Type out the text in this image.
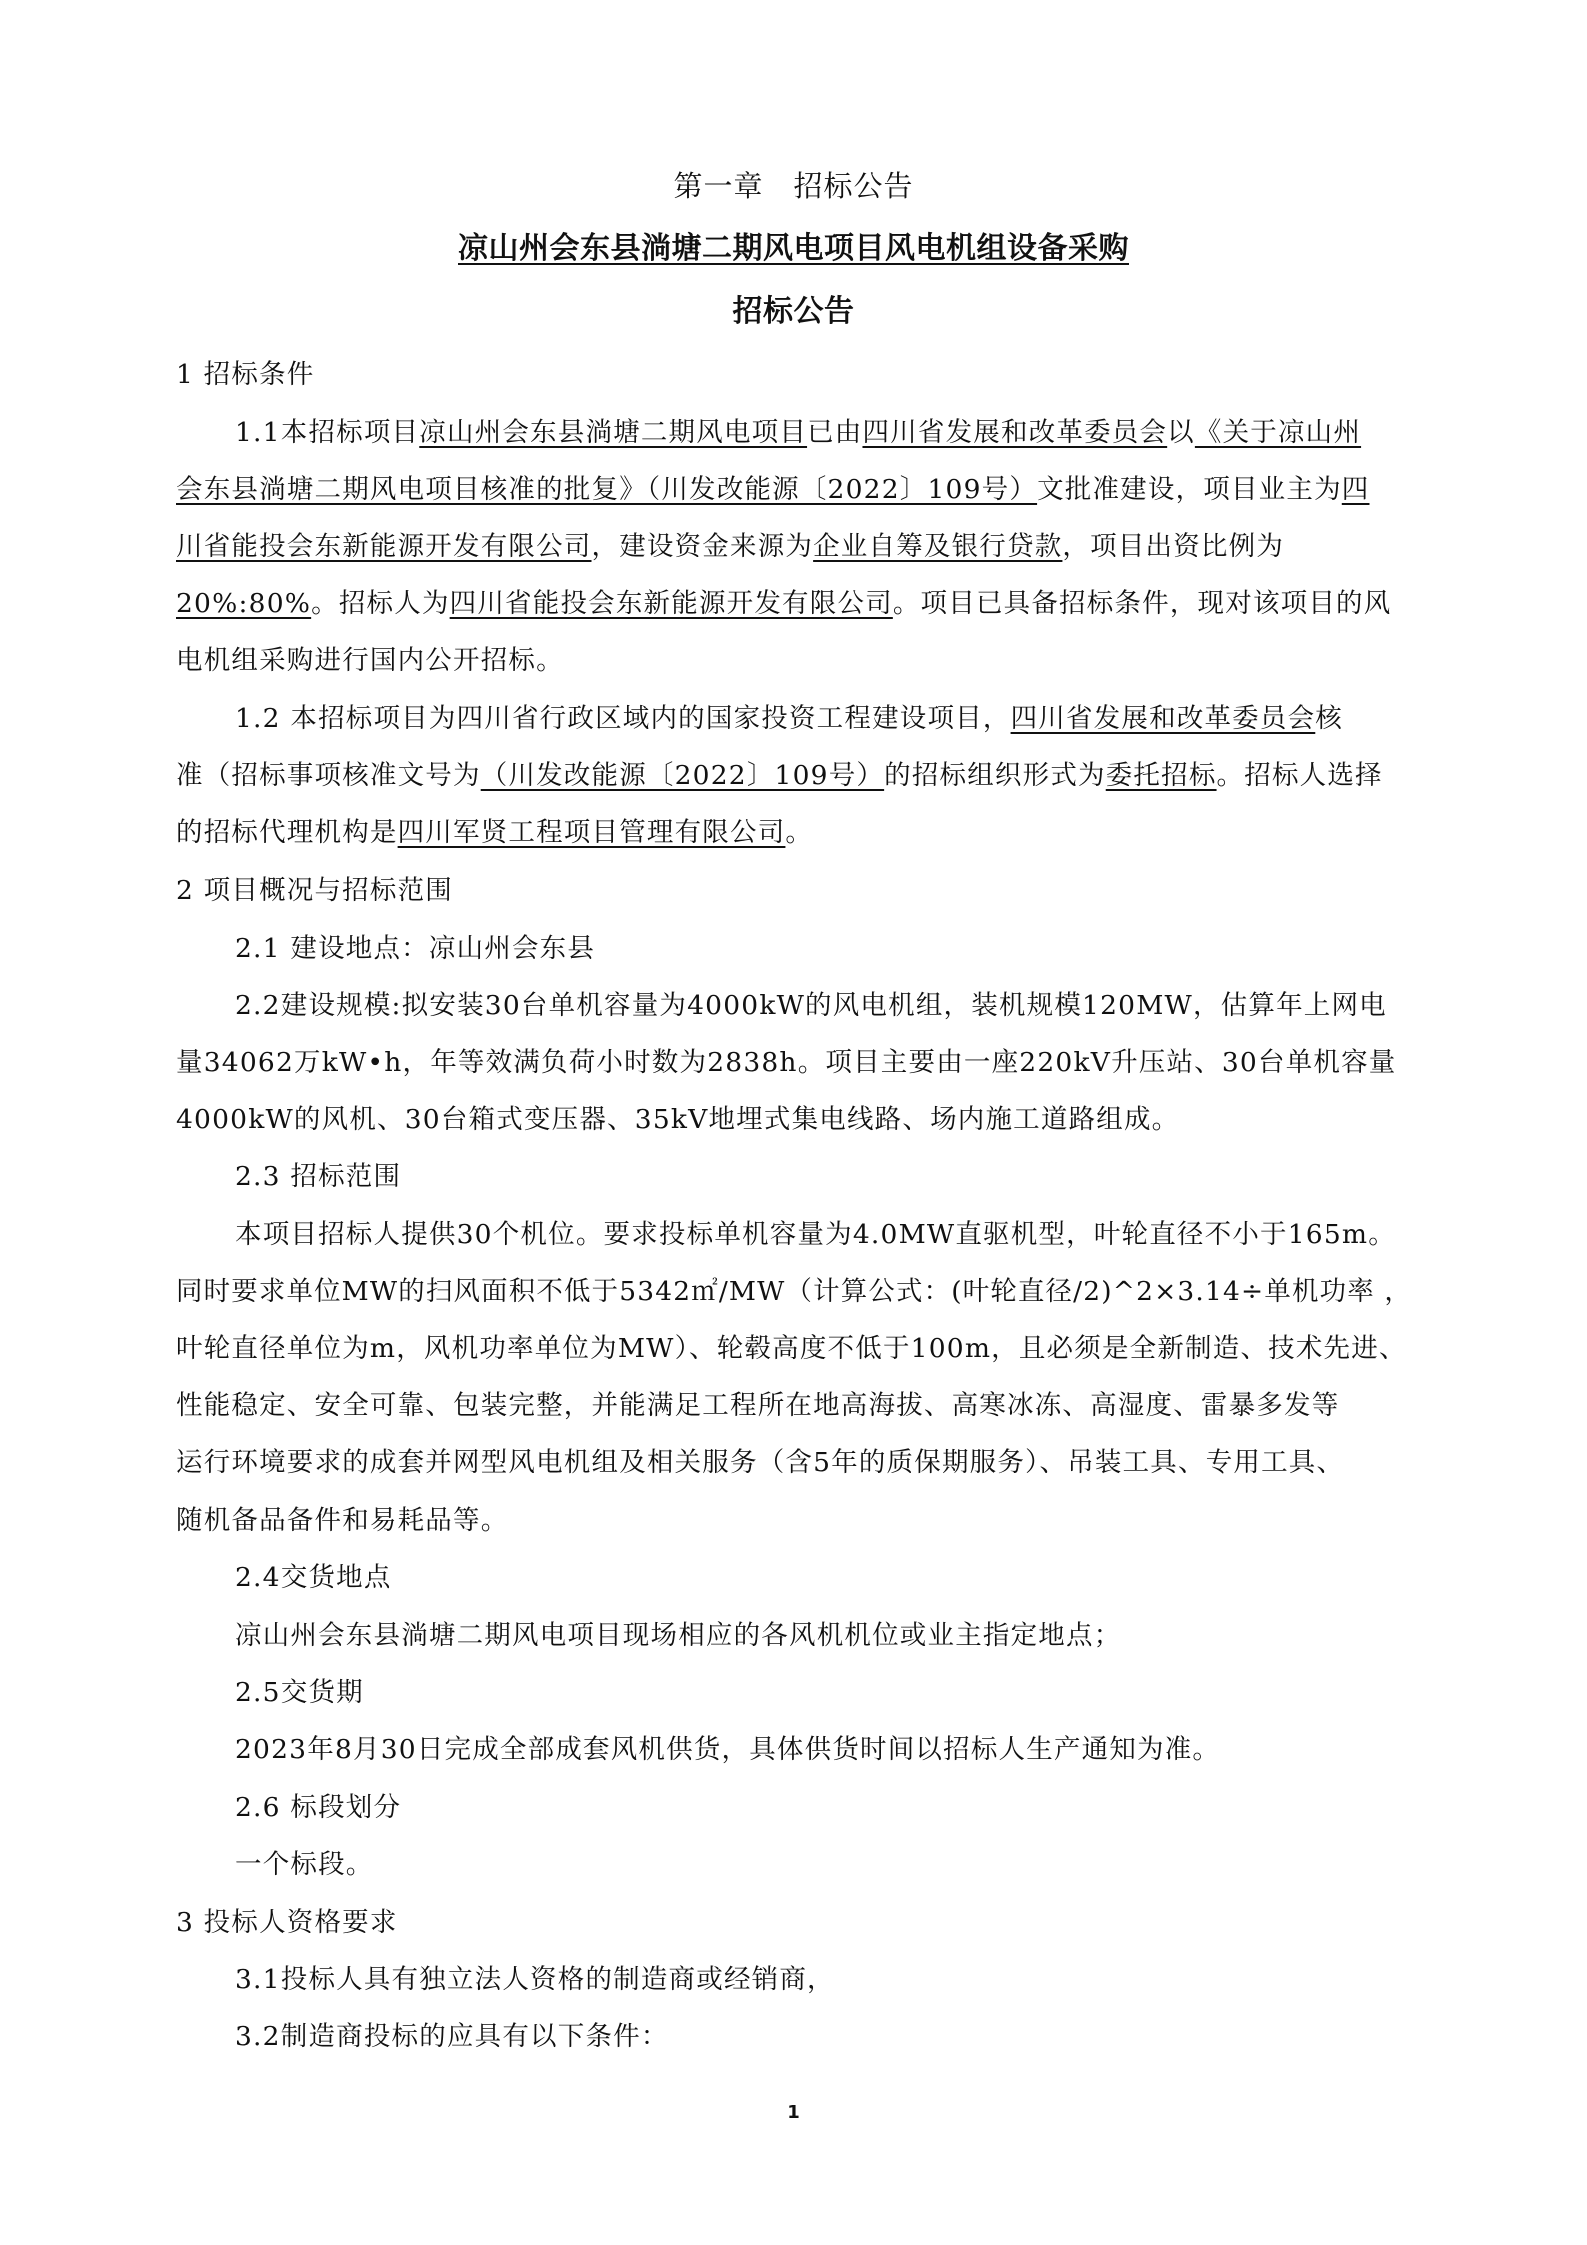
第一章　招标公告
凉山州会东县淌塘二期风电项目风电机组设备采购
招标公告
1 招标条件
1.1本招标项目凉山州会东县淌塘二期风电项目已由四川省发展和改革委员会以《关于凉山州
会东县淌塘二期风电项目核准的批复》（川发改能源〔2022〕109号）文批准建设，项目业主为四
川省能投会东新能源开发有限公司，建设资金来源为企业自筹及银行贷款，项目出资比例为
20%:80%。招标人为四川省能投会东新能源开发有限公司。项目已具备招标条件，现对该项目的风
电机组采购进行国内公开招标。
1.2 本招标项目为四川省行政区域内的国家投资工程建设项目，四川省发展和改革委员会核
准（招标事项核准文号为（川发改能源〔2022〕109号）的招标组织形式为委托招标。招标人选择
的招标代理机构是四川军贤工程项目管理有限公司。
2 项目概况与招标范围
2.1 建设地点：凉山州会东县
2.2建设规模:拟安装30台单机容量为4000kW的风电机组，装机规模120MW，估算年上网电
量34062万kW•h，年等效满负荷小时数为2838h。项目主要由一座220kV升压站、30台单机容量
4000kW的风机、30台箱式变压器、35kV地埋式集电线路、场内施工道路组成。
2.3 招标范围
本项目招标人提供30个机位。要求投标单机容量为4.0MW直驱机型，叶轮直径不小于165m。
同时要求单位MW的扫风面积不低于5342㎡/MW（计算公式：(叶轮直径/2)^2×3.14÷单机功率 ，
叶轮直径单位为m，风机功率单位为MW）、轮毂高度不低于100m，且必须是全新制造、技术先进、
性能稳定、安全可靠、包装完整，并能满足工程所在地高海拔、高寒冰冻、高湿度、雷暴多发等
运行环境要求的成套并网型风电机组及相关服务（含5年的质保期服务）、吊装工具、专用工具、
随机备品备件和易耗品等。
2.4交货地点
凉山州会东县淌塘二期风电项目现场相应的各风机机位或业主指定地点；
2.5交货期
2023年8月30日完成全部成套风机供货，具体供货时间以招标人生产通知为准。
2.6 标段划分
一个标段。
3 投标人资格要求
3.1投标人具有独立法人资格的制造商或经销商，
3.2制造商投标的应具有以下条件：
1
